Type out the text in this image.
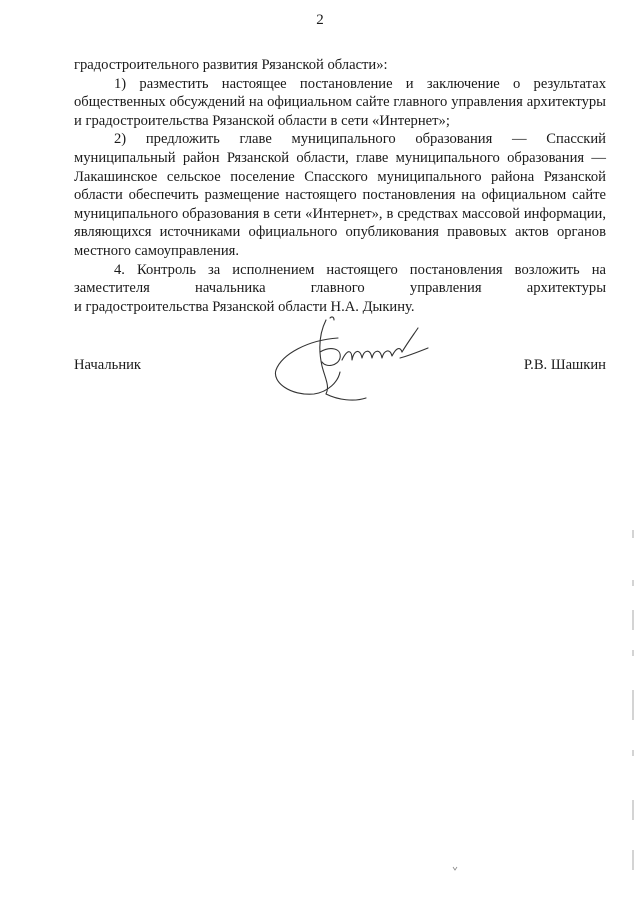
2

градостроительного развития Рязанской области»:

1) разместить настоящее постановление и заключение о результатах общественных обсуждений на официальном сайте главного управления архитектуры и градостроительства Рязанской области в сети «Интернет»;

2) предложить главе муниципального образования — Спасский муниципальный район Рязанской области, главе муниципального образования — Лакашинское сельское поселение Спасского муниципального района Рязанской области обеспечить размещение настоящего постановления на официальном сайте муниципального образования в сети «Интернет», в средствах массовой информации, являющихся источниками официального опубликования правовых актов органов местного самоуправления.

4. Контроль за исполнением настоящего постановления возложить на заместителя начальника главного управления архитектуры

и градостроительства Рязанской области Н.А. Дыкину.

Начальник	Р.В. Шашкин
